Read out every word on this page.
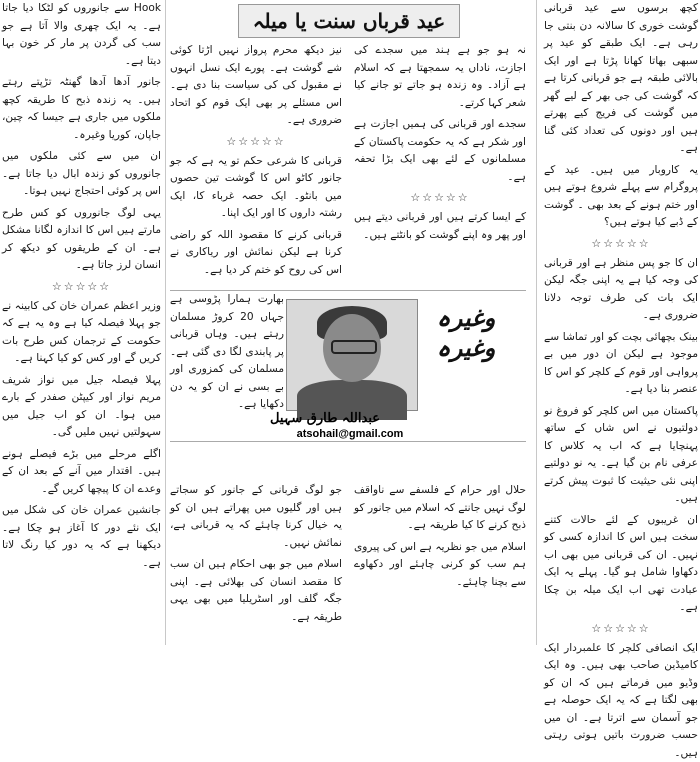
کچھ برسوں سے عید قربانی گوشت خوری کا سالانہ دن بنتی جا رہی ہے۔ ایک طبقے کو عید پر سبھی بھاتا کھانا پڑتا ہے اور ایک بالائی طبقہ ہے جو قربانی کرتا ہے کہ گوشت کی جی بھر کے لیے گھر میں گوشت کی فریج کیے پھرتے ہیں اور دونوں کی تعداد کئی گنا ہے۔

یہ کاروبار میں ہیں۔ عید کے پروگرام سے پہلے شروع ہوتے ہیں اور ختم ہونے کے بعد بھی ۔ گوشت کے ڈبے کیا ہوتے ہیں؟

☆☆☆☆☆

ان کا جو پس منظر ہے اور قربانی کی وجہ کیا ہے یہ اپنی جگہ لیکن ایک بات کی طرف توجہ دلانا ضروری ہے۔

بینک بچھائی بچت کو اور تماشا سے موجود ہے لیکن ان دور میں بے پرواہی اور قوم کے کلچر کو اس کا عنصر بنا دیا ہے۔

پاکستان میں اس کلچر کو فروغ نو دولتیوں نے اس شاں کے ساتھ پہنچایا ہے کہ اب یہ کلاس کا عرفی نام بن گیا ہے۔ یہ نو دولتیے اپنی نئی حیثیت کا ثبوت پیش کرتے ہیں۔

ان غریبوں کے لئے حالات کتنے سخت ہیں اس کا اندازہ کسی کو نہیں۔ ان کی قربانی میں بھی اب دکھاوا شامل ہو گیا۔ پہلے یہ ایک عبادت تھی اب ایک میلہ بن چکا ہے۔

☆☆☆☆☆

ایک انصافی کلچر کا علمبردار ایک کامیڈین صاحب بھی ہیں۔ وہ ایک وڈیو میں فرماتے ہیں کہ ان کو بھی لگتا ہے کہ یہ ایک حوصلہ ہے جو آسمان سے اترتا ہے۔ ان میں حسب ضرورت باتیں ہوتی رہتی ہیں۔

عید قرباں سنت یا میلہ

نہ ہو جو ہے ہند میں سجدے کی اجازت، ناداں یہ سمجھتا ہے کہ اسلام ہے آزاد۔ وہ زندہ ہو جاتے تو جانے کیا شعر کہا کرتے۔

سجدے اور قربانی کی ہمیں اجازت ہے اور شکر ہے کہ یہ حکومت پاکستان کے مسلمانوں کے لئے بھی ایک بڑا تحفہ ہے۔

☆☆☆☆☆

کے ایسا کرتے ہیں اور قربانی دیتے ہیں اور پھر وہ اپنے گوشت کو بانٹتے ہیں۔

حلال اور حرام کے فلسفے سے ناواقف لوگ نہیں جانتے کہ اسلام میں جانور کو ذبح کرنے کا کیا طریقہ ہے۔

اسلام میں جو نظریہ ہے اس کی پیروی ہم سب کو کرنی چاہئے اور دکھاوے سے بچنا چاہئے۔

نیز دیکھ محرم پرواز نہیں اڑتا کوئی شے گوشت ہے۔ پورے ایک نسل انہوں نے مقبول کی کی سیاست بنا دی ہے۔ اس مسئلے پر بھی ایک قوم کو اتحاد ضروری ہے۔

☆☆☆☆☆

قربانی کا شرعی حکم تو یہ ہے کہ جو جانور کاٹو اس کا گوشت تین حصوں میں بانٹو۔ ایک حصہ غرباء کا، ایک رشتہ داروں کا اور ایک اپنا۔

قربانی کرنے کا مقصود اللہ کو راضی کرنا ہے لیکن نمائش اور ریاکاری نے اس کی روح کو ختم کر دیا ہے۔

جو لوگ قربانی کے جانور کو سجاتے ہیں اور گلیوں میں پھراتے ہیں ان کو یہ خیال کرنا چاہئے کہ یہ قربانی ہے، نمائش نہیں۔

اسلام میں جو بھی احکام ہیں ان سب کا مقصد انسان کی بھلائی ہے۔ اپنی جگہ گلف اور اسٹریلیا میں بھی یہی طریقہ ہے۔

بھارت ہمارا پڑوسی ہے جہاں 20 کروڑ مسلمان رہتے ہیں۔ وہاں قربانی پر پابندی لگا دی گئی ہے۔ مسلمان کی کمزوری اور بے بسی نے ان کو یہ دن دکھایا ہے۔
وغیرہ
وغیرہ
عبداللہ طارق سہیل
atsohail@gmail.com

Hook سے جانوروں کو لٹکا دیا جاتا ہے۔ یہ ایک چھری والا آتا ہے جو سب کی گردن پر مار کر خون بہا دیتا ہے۔

جانور آدھا آدھا گھنٹہ تڑپتے رہتے ہیں۔ یہ زندہ ذبح کا طریقہ کچھ ملکوں میں جاری ہے جیسا کہ چین، جاپان، کوریا وغیرہ۔

ان میں سے کئی ملکوں میں جانوروں کو زندہ ابال دیا جاتا ہے۔ اس پر کوئی احتجاج نہیں ہوتا۔

یہی لوگ جانوروں کو کس طرح مارتے ہیں اس کا اندازہ لگانا مشکل ہے۔ ان کے طریقوں کو دیکھ کر انسان لرز جاتا ہے۔

☆☆☆☆☆

وزیر اعظم عمران خان کی کابینہ نے جو پہلا فیصلہ کیا ہے وہ یہ ہے کہ حکومت کے ترجمان کس طرح بات کریں گے اور کس کو کیا کہنا ہے۔

پہلا فیصلہ جیل میں نواز شریف مریم نواز اور کیپٹن صفدر کے بارے میں ہوا۔ ان کو اب جیل میں سہولتیں نہیں ملیں گی۔

اگلے مرحلے میں بڑے فیصلے ہونے ہیں۔ اقتدار میں آنے کے بعد ان کے وعدے ان کا پیچھا کریں گے۔

جانشین عمران خان کی شکل میں ایک نئے دور کا آغاز ہو چکا ہے۔ دیکھنا ہے کہ یہ دور کیا رنگ لاتا ہے۔
